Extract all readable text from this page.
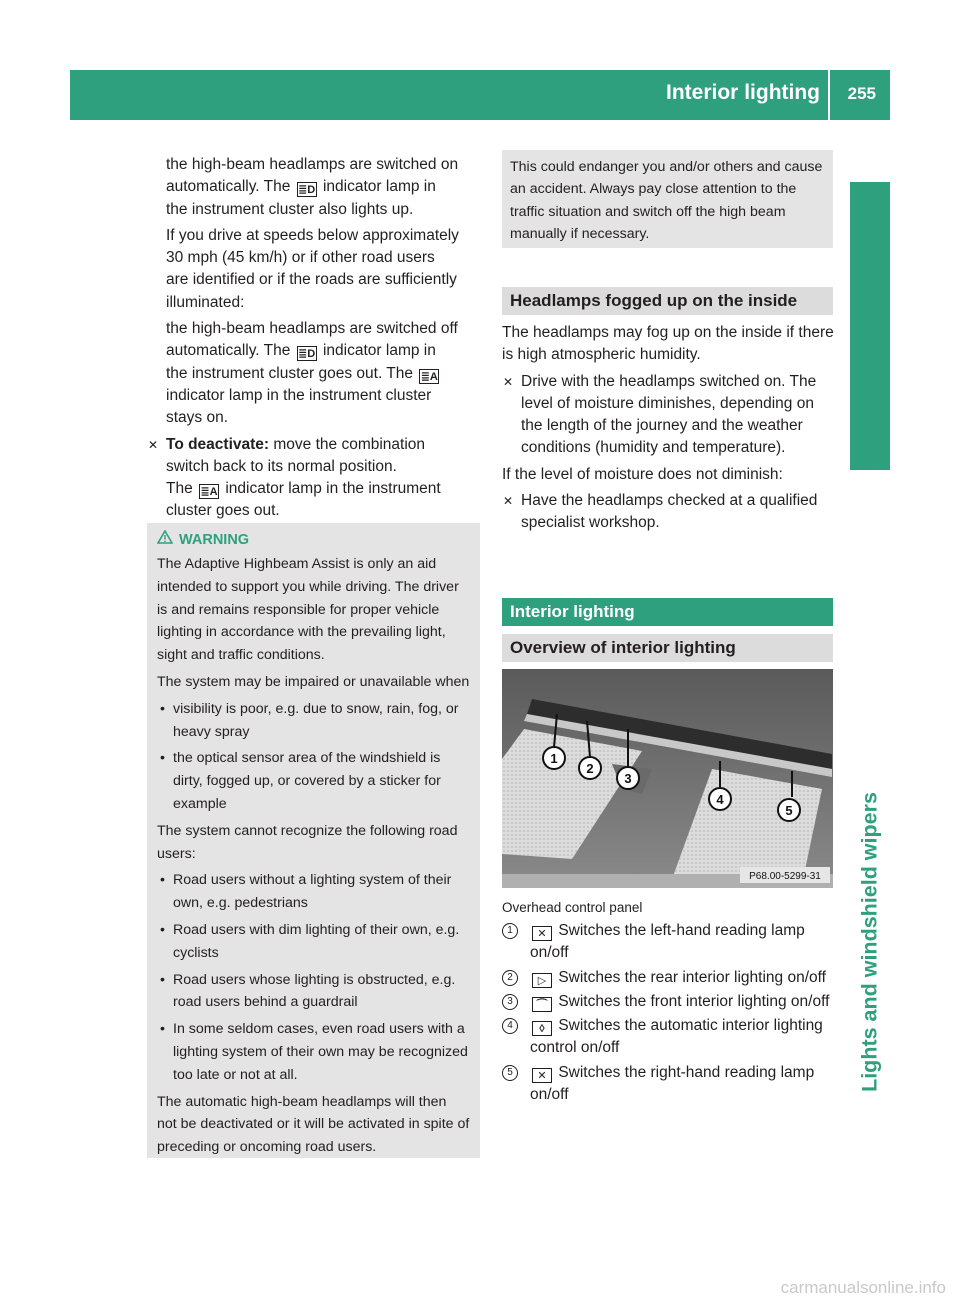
Interior lighting 255
Lights and windshield wipers

the high-beam headlamps are switched on
automatically. The ≣D indicator lamp in
the instrument cluster also lights up.

If you drive at speeds below approximately
30 mph (45 km/h) or if other road users
are identified or if the roads are sufficiently
illuminated:

the high-beam headlamps are switched off
automatically. The ≣D indicator lamp in
the instrument cluster goes out. The ≣A
indicator lamp in the instrument cluster
stays on.

✕ To deactivate: move the combination
switch back to its normal position.
The ≣A indicator lamp in the instrument
cluster goes out.
WARNING

The Adaptive Highbeam Assist is only an aid intended to support you while driving. The driver is and remains responsible for proper vehicle lighting in accordance with the prevailing light, sight and traffic conditions.

The system may be impaired or unavailable when

• visibility is poor, e.g. due to snow, rain, fog, or heavy spray
• the optical sensor area of the windshield is dirty, fogged up, or covered by a sticker for example

The system cannot recognize the following road users:

• Road users without a lighting system of their own, e.g. pedestrians
• Road users with dim lighting of their own, e.g. cyclists
• Road users whose lighting is obstructed, e.g. road users behind a guardrail
• In some seldom cases, even road users with a lighting system of their own may be recognized too late or not at all.

The automatic high-beam headlamps will then not be deactivated or it will be activated in spite of preceding or oncoming road users.

This could endanger you and/or others and cause an accident. Always pay close attention to the traffic situation and switch off the high beam manually if necessary.

Headlamps fogged up on the inside

The headlamps may fog up on the inside if there is high atmospheric humidity.

✕ Drive with the headlamps switched on. The level of moisture diminishes, depending on the length of the journey and the weather conditions (humidity and temperature).

If the level of moisture does not diminish:

✕ Have the headlamps checked at a qualified specialist workshop.
Interior lighting
Overview of interior lighting
1
2
3
4
5
P68.00-5299-31
Overhead control panel
1	✕ Switches the left-hand reading lamp on/off
2	▷ Switches the rear interior lighting on/off
3	⌒ Switches the front interior lighting on/off
4	◊ Switches the automatic interior lighting control on/off
5	✕ Switches the right-hand reading lamp on/off
carmanualsonline.info
